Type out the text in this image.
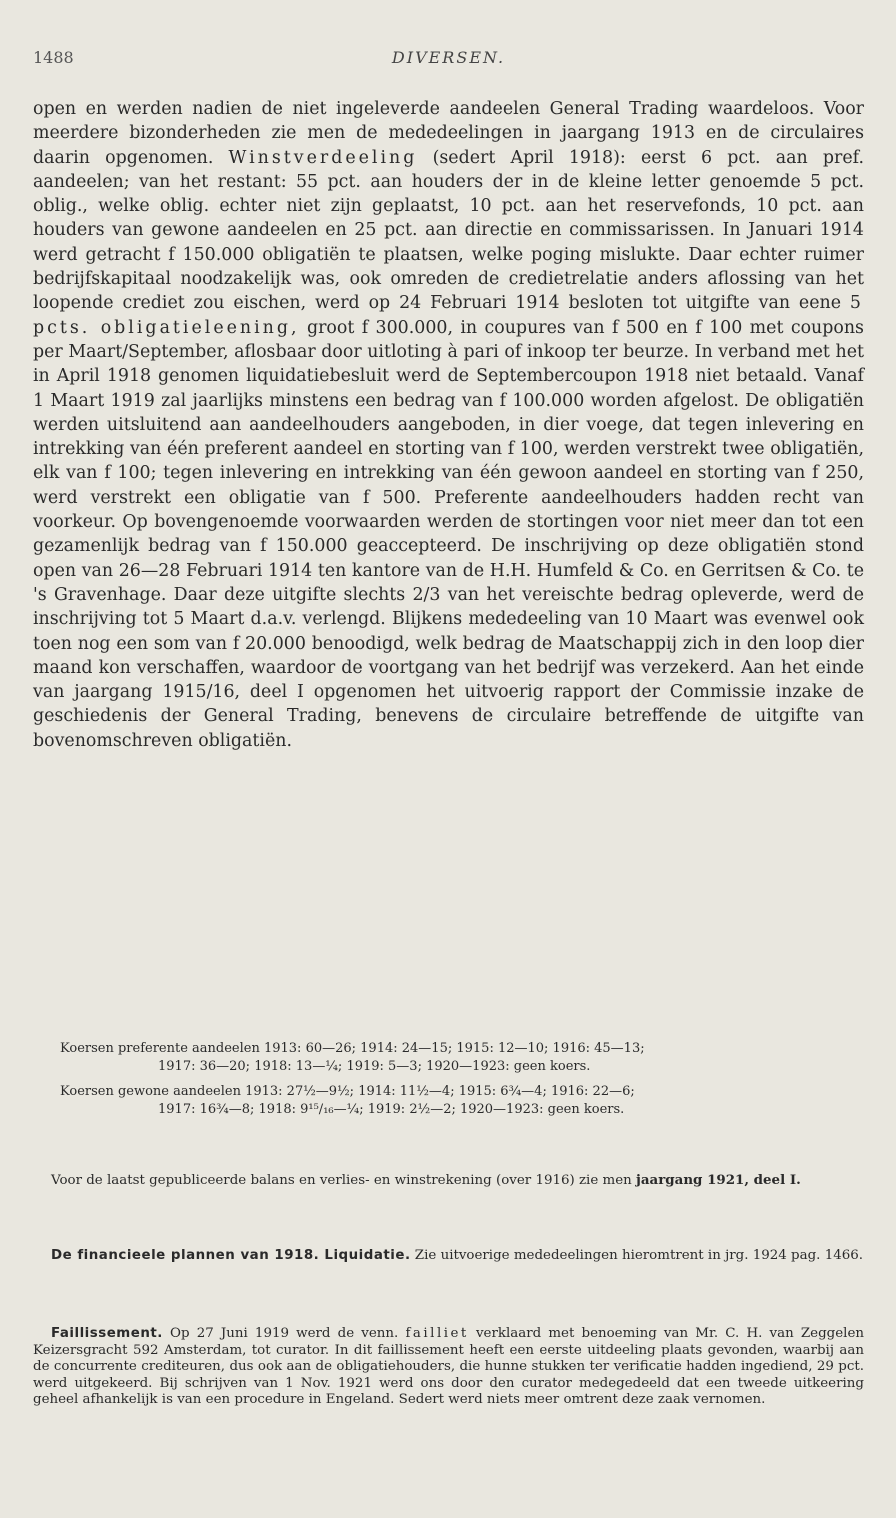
1488	DIVERSEN.

open en werden nadien de niet ingeleverde aandeelen General Trading waardeloos. Voor meerdere bizonderheden zie men de mededeelingen in jaargang 1913 en de circulaires daarin opgenomen. Winstverdeeling (sedert April 1918): eerst 6 pct. aan pref. aandeelen; van het restant: 55 pct. aan houders der in de kleine letter genoemde 5 pct. oblig., welke oblig. echter niet zijn geplaatst, 10 pct. aan het reservefonds, 10 pct. aan houders van gewone aandeelen en 25 pct. aan directie en commissarissen. In Januari 1914 werd getracht f 150.000 obligatiën te plaatsen, welke poging mislukte. Daar echter ruimer bedrijfskapitaal noodzakelijk was, ook omreden de credietrelatie anders aflossing van het loopende crediet zou eischen, werd op 24 Februari 1914 besloten tot uitgifte van eene 5 pcts. obligatieleening, groot f 300.000, in coupures van f 500 en f 100 met coupons per Maart/September, aflosbaar door uitloting à pari of inkoop ter beurze. In verband met het in April 1918 genomen liquidatiebesluit werd de Septembercoupon 1918 niet betaald. Vanaf 1 Maart 1919 zal jaarlijks minstens een bedrag van f 100.000 worden afgelost. De obligatiën werden uitsluitend aan aandeelhouders aangeboden, in dier voege, dat tegen inlevering en intrekking van één preferent aandeel en storting van f 100, werden verstrekt twee obligatiën, elk van f 100; tegen inlevering en intrekking van één gewoon aandeel en storting van f 250, werd verstrekt een obligatie van f 500. Preferente aandeelhouders hadden recht van voorkeur. Op bovengenoemde voorwaarden werden de stortingen voor niet meer dan tot een gezamenlijk bedrag van f 150.000 geaccepteerd. De inschrijving op deze obligatiën stond open van 26—28 Februari 1914 ten kantore van de H.H. Humfeld & Co. en Gerritsen & Co. te 's Gravenhage. Daar deze uitgifte slechts 2/3 van het vereischte bedrag opleverde, werd de inschrijving tot 5 Maart d.a.v. verlengd. Blijkens mededeeling van 10 Maart was evenwel ook toen nog een som van f 20.000 benoodigd, welk bedrag de Maatschappij zich in den loop dier maand kon verschaffen, waardoor de voortgang van het bedrijf was verzekerd. Aan het einde van jaargang 1915/16, deel I opgenomen het uitvoerig rapport der Commissie inzake de geschiedenis der General Trading, benevens de circulaire betreffende de uitgifte van bovenomschreven obligatiën.

Koersen preferente aandeelen 1913: 60—26; 1914: 24—15; 1915: 12—10; 1916: 45—13;
1917: 36—20; 1918: 13—¼; 1919: 5—3; 1920—1923: geen koers.

Koersen gewone aandeelen 1913: 27½—9½; 1914: 11½—4; 1915: 6¾—4; 1916: 22—6;
1917: 16¾—8; 1918: 9¹⁵/₁₆—¼; 1919: 2½—2; 1920—1923: geen koers.

Voor de laatst gepubliceerde balans en verlies- en winstrekening (over 1916) zie men jaargang 1921, deel I.

De financieele plannen van 1918. Liquidatie. Zie uitvoerige mededeelingen hieromtrent in jrg. 1924 pag. 1466.

Faillissement. Op 27 Juni 1919 werd de venn. failliet verklaard met benoeming van Mr. C. H. van Zeggelen Keizersgracht 592 Amsterdam, tot curator. In dit faillissement heeft een eerste uitdeeling plaats gevonden, waarbij aan de concurrente crediteuren, dus ook aan de obligatiehouders, die hunne stukken ter verificatie hadden ingediend, 29 pct. werd uitgekeerd. Bij schrijven van 1 Nov. 1921 werd ons door den curator medegedeeld dat een tweede uitkeering geheel afhankelijk is van een procedure in Engeland. Sedert werd niets meer omtrent deze zaak vernomen.
